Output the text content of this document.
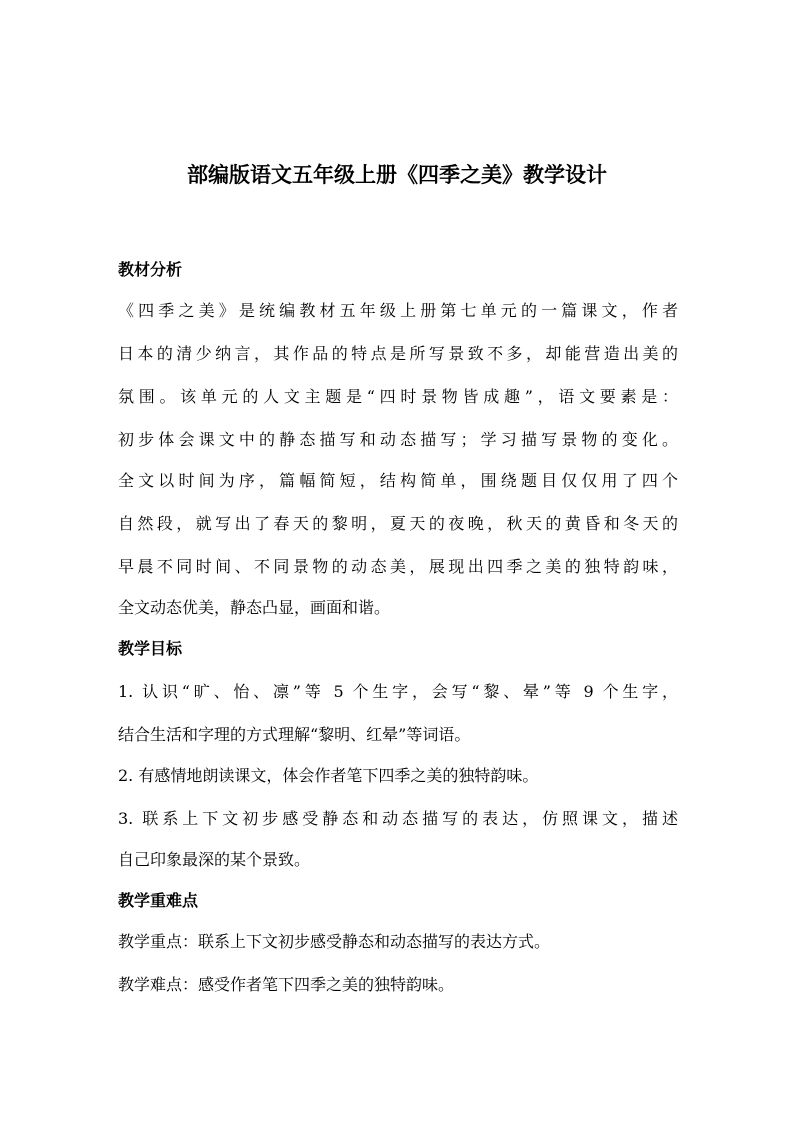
部编版语文五年级上册《四季之美》教学设计
教材分析
《四季之美》是统编教材五年级上册第七单元的一篇课文，作者
日本的清少纳言，其作品的特点是所写景致不多，却能营造出美的
氛围。该单元的人文主题是“四时景物皆成趣”，语文要素是：
初步体会课文中的静态描写和动态描写；学习描写景物的变化。
全文以时间为序，篇幅简短，结构简单，围绕题目仅仅用了四个
自然段，就写出了春天的黎明，夏天的夜晚，秋天的黄昏和冬天的
早晨不同时间、不同景物的动态美，展现出四季之美的独特韵味，
全文动态优美，静态凸显，画面和谐。
教学目标
1. 认识“旷、怡、凛”等 5 个生字，会写“黎、晕”等 9 个生字，
结合生活和字理的方式理解“黎明、红晕”等词语。
2. 有感情地朗读课文，体会作者笔下四季之美的独特韵味。
3. 联系上下文初步感受静态和动态描写的表达，仿照课文，描述
自己印象最深的某个景致。
教学重难点
教学重点：联系上下文初步感受静态和动态描写的表达方式。
教学难点：感受作者笔下四季之美的独特韵味。
